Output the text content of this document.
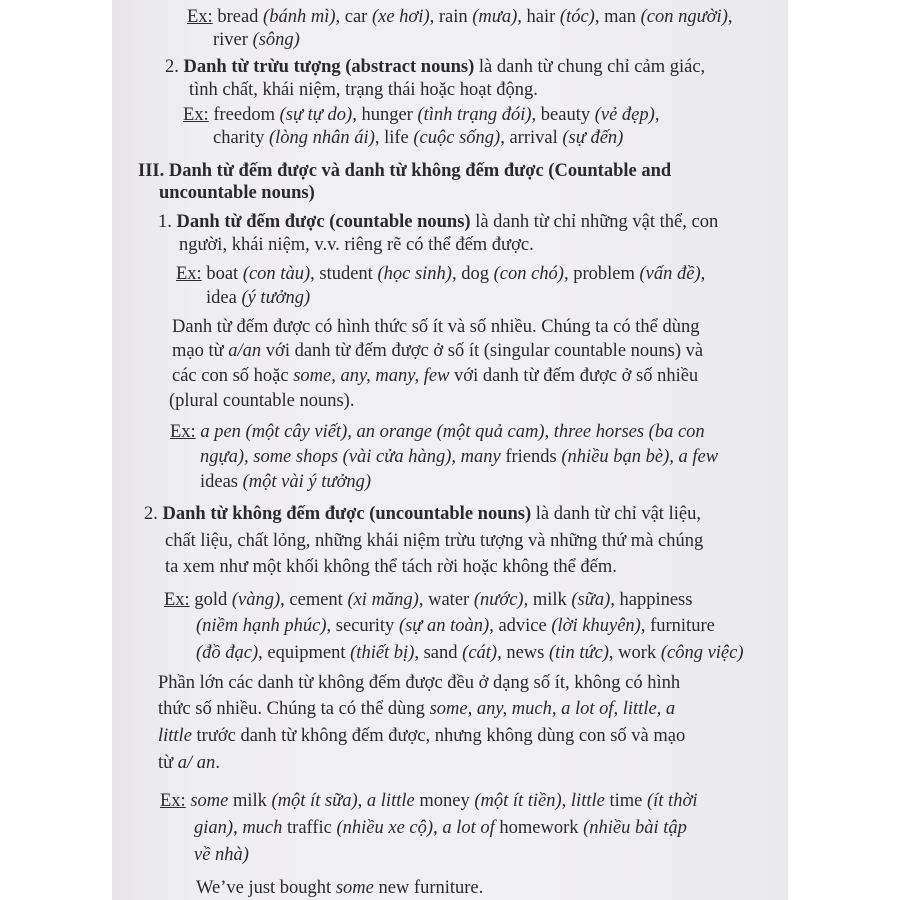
Ex: bread (bánh mì), car (xe hơi), rain (mưa), hair (tóc), man (con người),
river (sông)
2. Danh từ trừu tượng (abstract nouns) là danh từ chung chỉ cảm giác,
tình chất, khái niệm, trạng thái hoặc hoạt động.
Ex: freedom (sự tự do), hunger (tình trạng đói), beauty (vẻ đẹp),
charity (lòng nhân ái), life (cuộc sống), arrival (sự đến)
III. Danh từ đếm được và danh từ không đếm được (Countable and
uncountable nouns)
1. Danh từ đếm được (countable nouns) là danh từ chỉ những vật thể, con
người, khái niệm, v.v. riêng rẽ có thể đếm được.
Ex: boat (con tàu), student (học sinh), dog (con chó), problem (vấn đề),
idea (ý tưởng)
Danh từ đếm được có hình thức số ít và số nhiều. Chúng ta có thể dùng
mạo từ a/an với danh từ đếm được ở số ít (singular countable nouns) và
các con số hoặc some, any, many, few với danh từ đếm được ở số nhiều
(plural countable nouns).
Ex: a pen (một cây viết), an orange (một quả cam), three horses (ba con
ngựa), some shops (vài cửa hàng), many friends (nhiều bạn bè), a few
ideas (một vài ý tưởng)
2. Danh từ không đếm được (uncountable nouns) là danh từ chỉ vật liệu,
chất liệu, chất lỏng, những khái niệm trừu tượng và những thứ mà chúng
ta xem như một khối không thể tách rời hoặc không thể đếm.
Ex: gold (vàng), cement (xi măng), water (nước), milk (sữa), happiness
(niềm hạnh phúc), security (sự an toàn), advice (lời khuyên), furniture
(đồ đạc), equipment (thiết bị), sand (cát), news (tin tức), work (công việc)
Phần lớn các danh từ không đếm được đều ở dạng số ít, không có hình
thức số nhiều. Chúng ta có thể dùng some, any, much, a lot of, little, a
little trước danh từ không đếm được, nhưng không dùng con số và mạo
từ a/ an.
Ex: some milk (một ít sữa), a little money (một ít tiền), little time (ít thời
gian), much traffic (nhiều xe cộ), a lot of homework (nhiều bài tập
về nhà)
We’ve just bought some new furniture.
